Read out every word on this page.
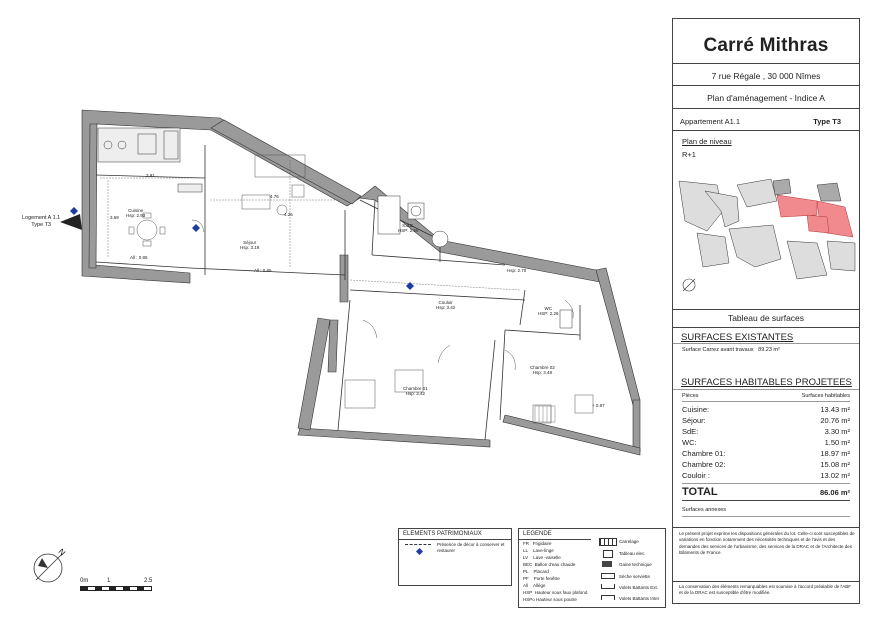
Logement A 1.1
Type T3
Cuisine
Hsp: 2.93
Séjour
Hsp: 3.19
S.d.E.
HSP: 2.56
Couloir
Hsp: 3.42	WC
HSP: 2.26
Chambre 02
Hsp: 3.48
Chambre 01
Hsp: 3.42
All : 0.86
All : 0.85	Hsp: 2.70
+ 0.87
3.91
4.76
3.69
4.26
N
0m	1	2.5
ELEMENTS PATRIMONIAUX
Présence de décor à conserver et restaurer
LEGENDE
FR Frigidaire
LL Lave-linge
LV Lave -vaiselle
BEC Ballon d'eau chaude
PL Placard
PF Porte fenêtre
All Allège
HSP Hauteur sous faux plafond
HSPo Hauteur sous poutre
Carrelage
Tableau elec.
Gaine technique
Sèche serviette
Volets Battants Ext.
Volets Battants Inter
Carré Mithras
7 rue Régale , 30 000 Nîmes
Plan d'aménagement - Indice A
Appartement A1.1	Type T3
Plan de niveau
R+1
Tableau de surfaces
SURFACES EXISTANTES
Surface Carrez avant travaux 89.23 m²
SURFACES HABITABLES PROJETEES
Pièces	Surfaces habitables
Cuisine:	13.43 m²
Séjour:	20.76 m²
SdE:	3.30 m²
WC:	1.50 m²
Chambre 01:	18.97 m²
Chambre 02:	15.08 m²
Couloir :	13.02 m²
TOTAL	86.06 m²
Surfaces annexes
Le présent projet exprime les dispositions générales du lot. Celle-ci sont susceptibles de variations en fonction notamment des nécessités techniques et de l'avis et des demandes des services de l'urbanisme, des services de la DRAC et de l'Architecte des Bâtiments de France.
La conservation des éléments remarquables est soumise à l'accord préalable de l'ABF et de la DRAC est susceptible d'être modifiée.
